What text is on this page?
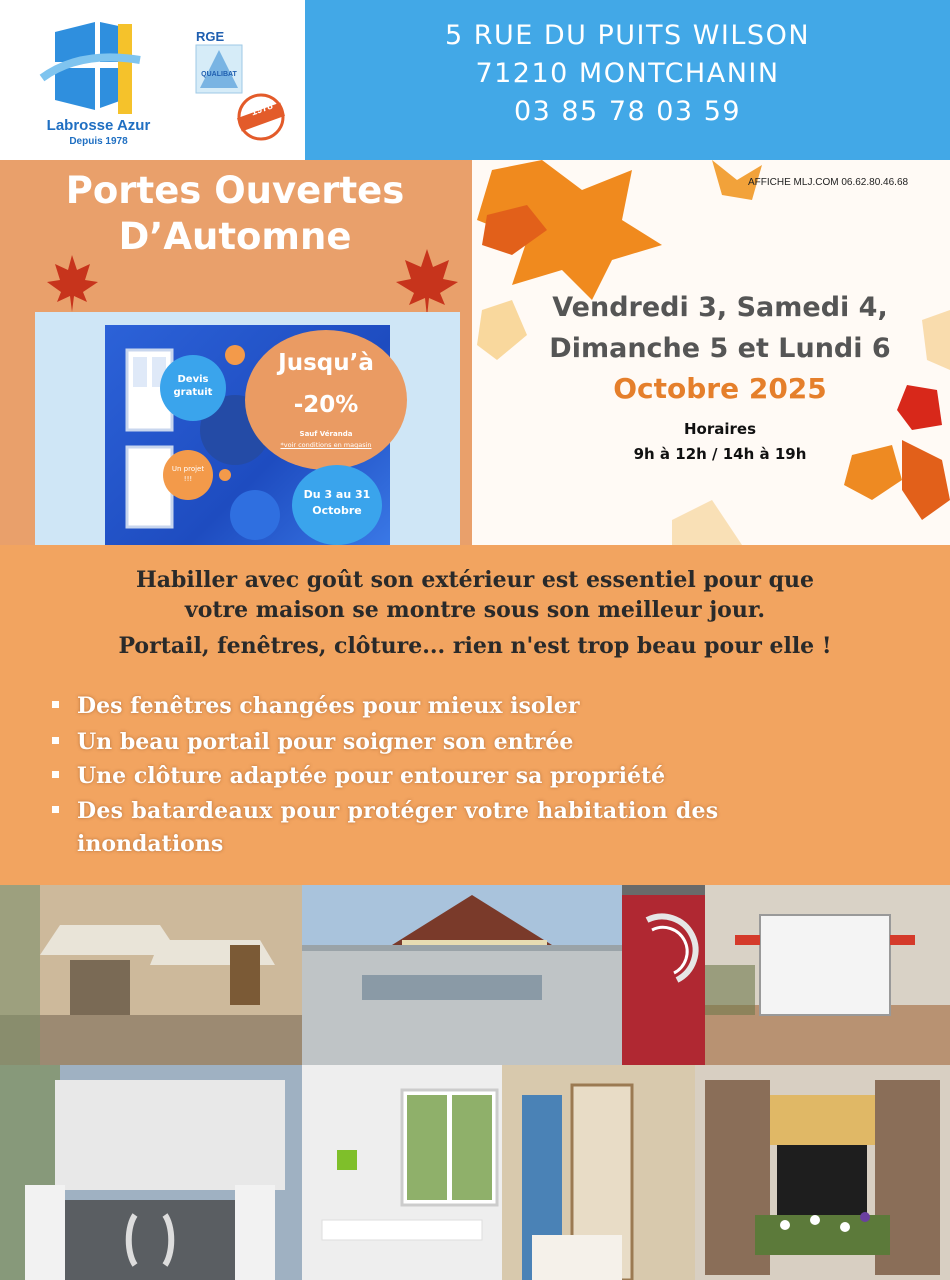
Labrosse Azur
Depuis 1978
RGE
QUALIBAT
1978
5 RUE DU PUITS WILSON
71210 MONTCHANIN
03 85 78 03 59
Portes Ouvertes
D’Automne
Devis gratuit
Un projet !!!
Jusqu’à
-20%
Sauf Véranda
*voir conditions en magasin
Du 3 au 31 Octobre
AFFICHE MLJ.COM 06.62.80.46.68
Vendredi 3, Samedi 4,
Dimanche 5 et Lundi 6
Octobre 2025
Horaires
9h à 12h / 14h à 19h
Habiller avec goût son extérieur est essentiel pour que
votre maison se montre sous son meilleur jour.
Portail, fenêtres, clôture... rien n'est trop beau pour elle !
Des fenêtres changées pour mieux isoler
Un beau portail pour soigner son entrée
Une clôture adaptée pour entourer sa propriété
Des batardeaux pour protéger votre habitation des
inondations
